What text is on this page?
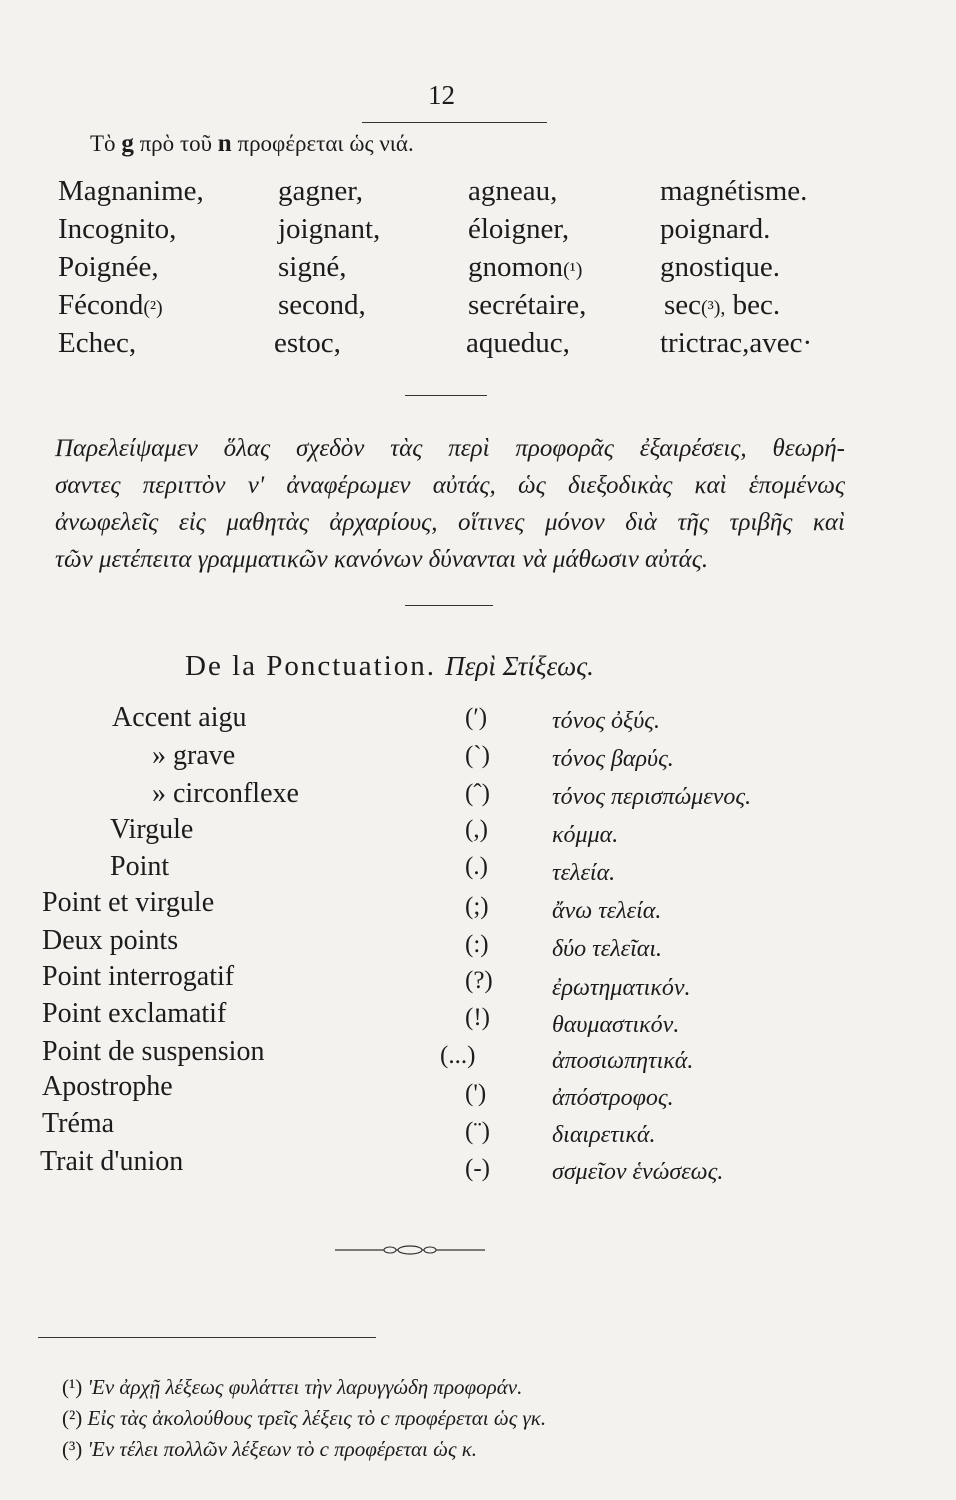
12
Τὸ g πρὸ τοῦ n προφέρεται ὡς νιά.
Magnanime,	gagner,	agneau,	magnétisme.
Incognito,	joignant,	éloigner,	poignard.
Poignée,	signé,	gnomon(¹)	gnostique.
Fécond(²)	second,	secrétaire,	sec(³), bec.
Echec,	estoc,	aqueduc,	trictrac,avec·
Παρελείψαμεν ὅλας σχεδὸν τὰς περὶ προφορᾶς ἐξαιρέσεις, θεωρή-
σαντες περιττὸν ν' ἀναφέρωμεν αὐτάς, ὡς διεξοδικὰς καὶ ἑπομένως
ἀνωφελεῖς εἰς μαθητὰς ἀρχαρίους, οἵτινες μόνον διὰ τῆς τριβῆς καὶ
τῶν μετέπειτα γραμματικῶν κανόνων δύνανται νὰ μάθωσιν αὐτάς.
De la Ponctuation. Περὶ Στίξεως.
Accent aigu	(ʹ)	τόνος ὀξύς.
» grave	(ˋ)	τόνος βαρύς.
» circonflexe	(ˆ)	τόνος περισπώμενος.
Virgule	(,)	κόμμα.
Point	(.)	τελεία.
Point et virgule	(;)	ἄνω τελεία.
Deux points	(:)	δύο τελεῖαι.
Point interrogatif	(?) ἐρωτηματικόν.
Point exclamatif	(!)	θαυμαστικόν.
Point de suspension	(...)	ἀποσιωπητικά.
Apostrophe	(')	ἀπόστροφος.
Tréma	(¨)	διαιρετικά.
Trait d'union	(-)	σσμεῖον ἑνώσεως.
(¹) 'Εν ἀρχῇ λέξεως φυλάττει τὴν λαρυγγώδη προφοράν.
(²) Εἰς τὰς ἀκολούθους τρεῖς λέξεις τὸ c προφέρεται ὡς γκ.
(³) 'Εν τέλει πολλῶν λέξεων τὸ c προφέρεται ὡς κ.
